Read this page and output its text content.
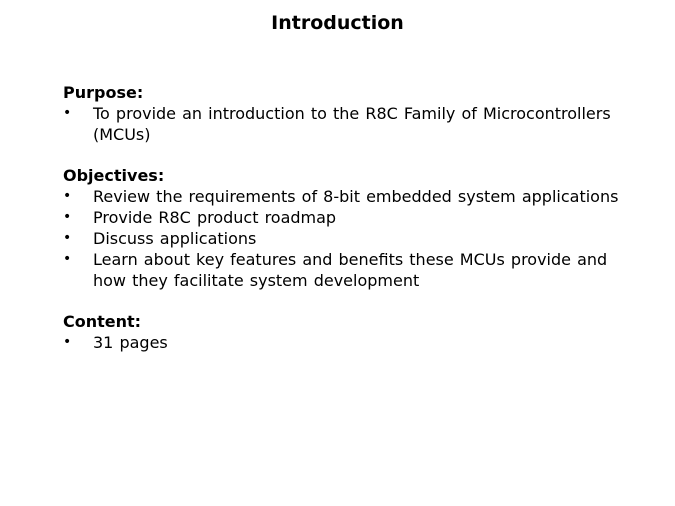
Introduction

Purpose:

• To provide an introduction to the R8C Family of Microcontrollers (MCUs)

Objectives:

• Review the requirements of 8-bit embedded system applications
• Provide R8C product roadmap
• Discuss applications
• Learn about key features and benefits these MCUs provide and how they facilitate system development

Content:

• 31 pages
